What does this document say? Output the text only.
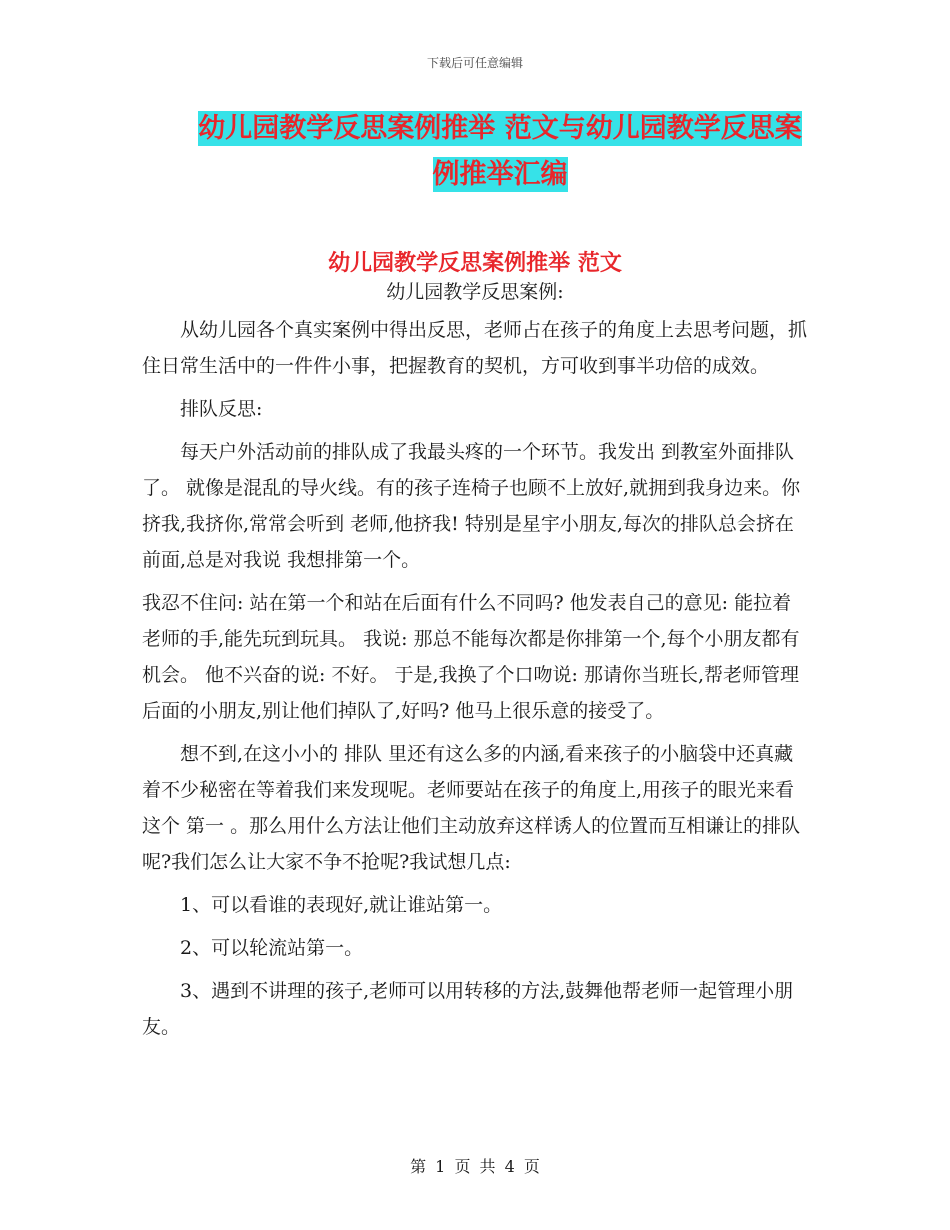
下载后可任意编辑
幼儿园教学反思案例推举 范文与幼儿园教学反思案例推举汇编
幼儿园教学反思案例推举 范文
幼儿园教学反思案例:

从幼儿园各个真实案例中得出反思，老师占在孩子的角度上去思考问题，抓住日常生活中的一件件小事，把握教育的契机，方可收到事半功倍的成效。

排队反思:

每天户外活动前的排队成了我最头疼的一个环节。我发出 到教室外面排队了。 就像是混乱的导火线。有的孩子连椅子也顾不上放好,就拥到我身边来。你挤我,我挤你,常常会听到 老师,他挤我! 特别是星宇小朋友,每次的排队总会挤在前面,总是对我说 我想排第一个。

我忍不住问: 站在第一个和站在后面有什么不同吗? 他发表自己的意见: 能拉着老师的手,能先玩到玩具。 我说: 那总不能每次都是你排第一个,每个小朋友都有机会。 他不兴奋的说: 不好。 于是,我换了个口吻说: 那请你当班长,帮老师管理后面的小朋友,别让他们掉队了,好吗? 他马上很乐意的接受了。

想不到,在这小小的 排队 里还有这么多的内涵,看来孩子的小脑袋中还真藏着不少秘密在等着我们来发现呢。老师要站在孩子的角度上,用孩子的眼光来看这个 第一 。那么用什么方法让他们主动放弃这样诱人的位置而互相谦让的排队呢?我们怎么让大家不争不抢呢?我试想几点:

1、可以看谁的表现好,就让谁站第一。

2、可以轮流站第一。

3、遇到不讲理的孩子,老师可以用转移的方法,鼓舞他帮老师一起管理小朋友。

第 1 页 共 4 页
